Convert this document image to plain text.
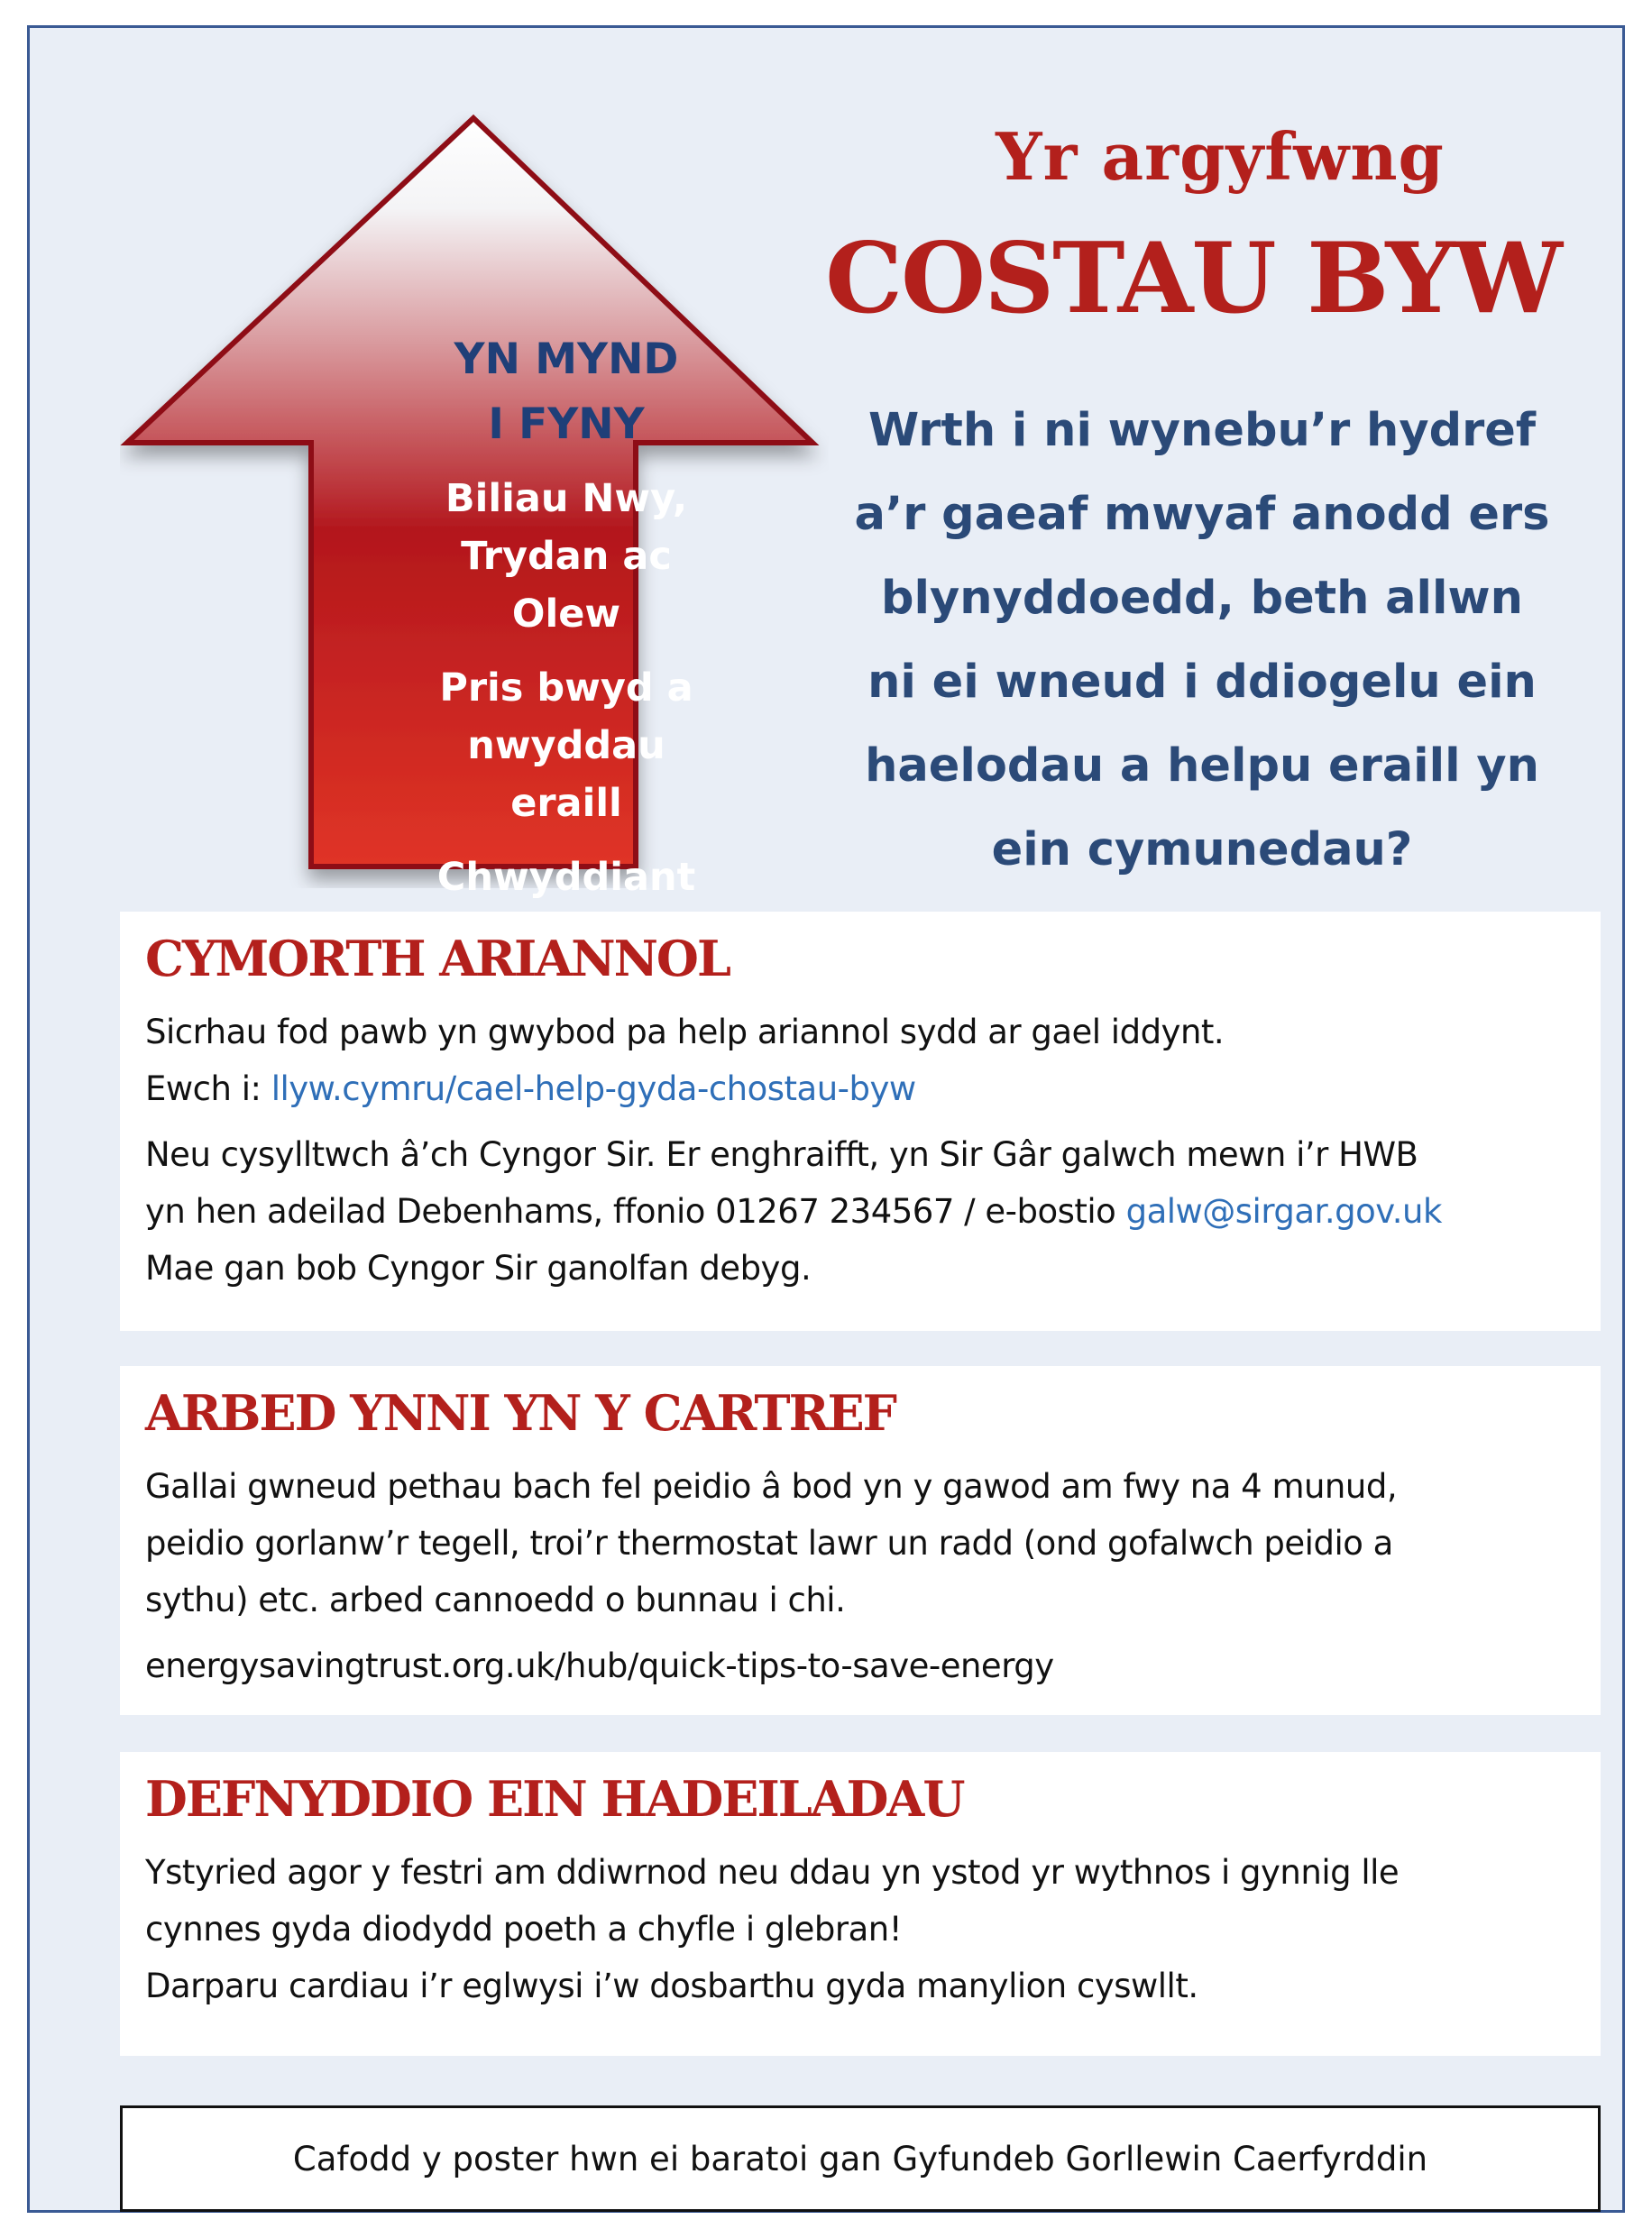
YN MYND
I FYNY
Biliau Nwy,
Trydan ac
Olew
Pris bwyd a
nwyddau
eraill
Chwyddiant
Yr argyfwng
COSTAU BYW
Wrth i ni wynebu’r hydref
a’r gaeaf mwyaf anodd ers
blynyddoedd, beth allwn
ni ei wneud i ddiogelu ein
haelodau a helpu eraill yn
ein cymunedau?
CYMORTH ARIANNOL

Sicrhau fod pawb yn gwybod pa help ariannol sydd ar gael iddynt.

Ewch i: llyw.cymru/cael-help-gyda-chostau-byw

Neu cysylltwch â’ch Cyngor Sir. Er enghraifft, yn Sir Gâr galwch mewn i’r HWB

yn hen adeilad Debenhams, ffonio 01267 234567 / e-bostio galw@sirgar.gov.uk

Mae gan bob Cyngor Sir ganolfan debyg.

ARBED YNNI YN Y CARTREF

Gallai gwneud pethau bach fel peidio â bod yn y gawod am fwy na 4 munud,

peidio gorlanw’r tegell, troi’r thermostat lawr un radd (ond gofalwch peidio a

sythu) etc. arbed cannoedd o bunnau i chi.

energysavingtrust.org.uk/hub/quick-tips-to-save-energy

DEFNYDDIO EIN HADEILADAU

Ystyried agor y festri am ddiwrnod neu ddau yn ystod yr wythnos i gynnig lle

cynnes gyda diodydd poeth a chyfle i glebran!

Darparu cardiau i’r eglwysi i’w dosbarthu gyda manylion cyswllt.

Cafodd y poster hwn ei baratoi gan Gyfundeb Gorllewin Caerfyrddin
